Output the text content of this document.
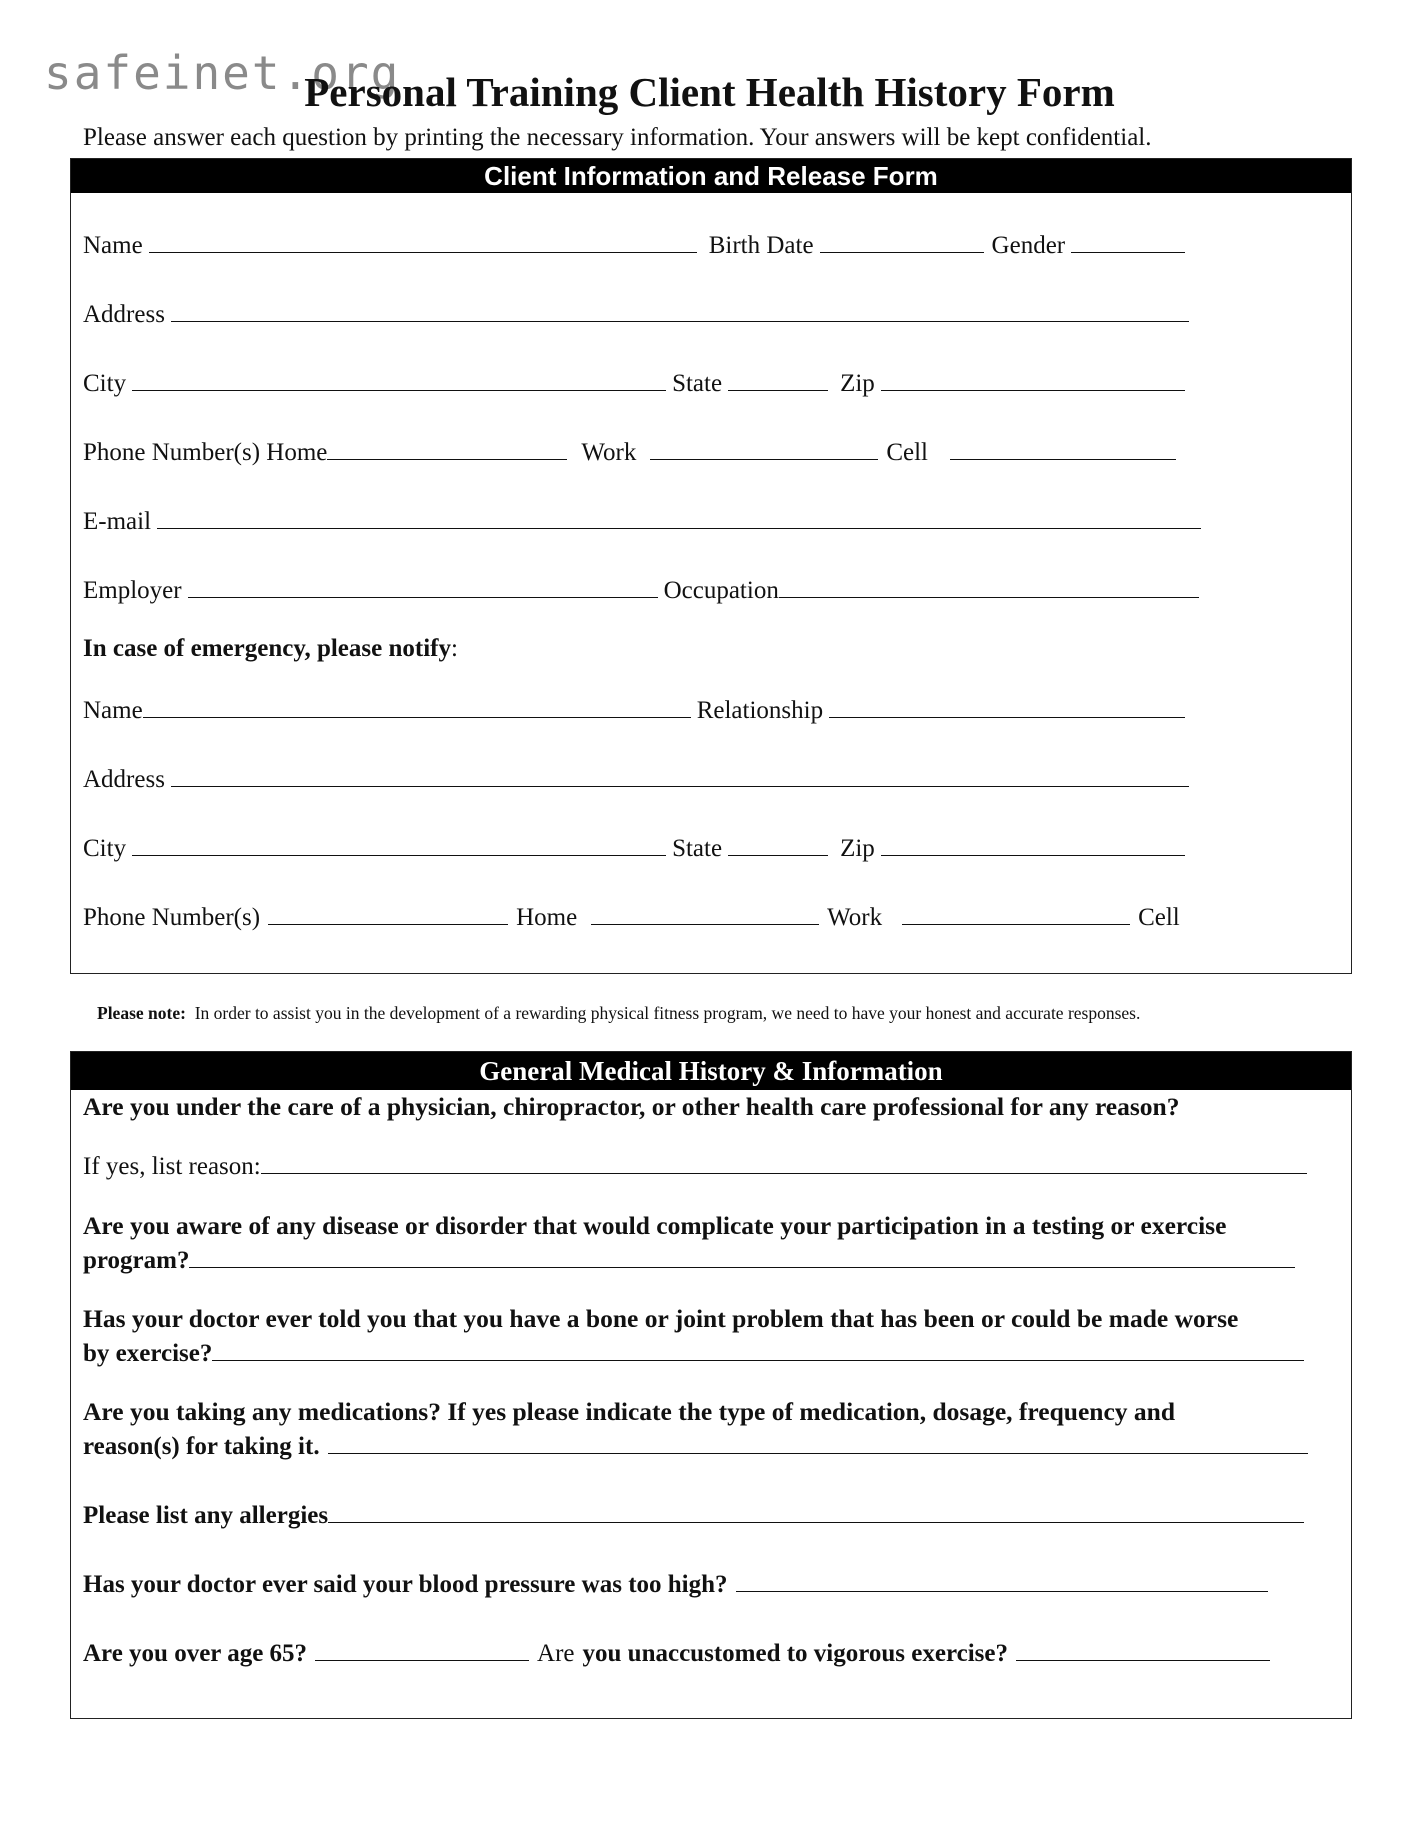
safeinet.org
Personal Training Client Health History Form
Please answer each question by printing the necessary information. Your answers will be kept confidential.
Client Information and Release Form
Name	Birth Date	Gender
Address
City	State	Zip
Phone Number(s) Home	Work	Cell
E-mail
Employer	Occupation
In case of emergency, please notify :
Name	Relationship
Address
City	State	Zip
Phone Number(s)	Home	Work	Cell
Please note: In order to assist you in the development of a rewarding physical fitness program, we need to have your honest and accurate responses.
General Medical History & Information
Are you under the care of a physician, chiropractor, or other health care professional for any reason?
If yes, list reason:
Are you aware of any disease or disorder that would complicate your participation in a testing or exercise
program?
Has your doctor ever told you that you have a bone or joint problem that has been or could be made worse
by exercise?
Are you taking any medications? If yes please indicate the type of medication, dosage, frequency and
reason(s) for taking it.
Please list any allergies
Has your doctor ever said your blood pressure was too high?
Are you over age 65?	Are you unaccustomed to vigorous exercise?
